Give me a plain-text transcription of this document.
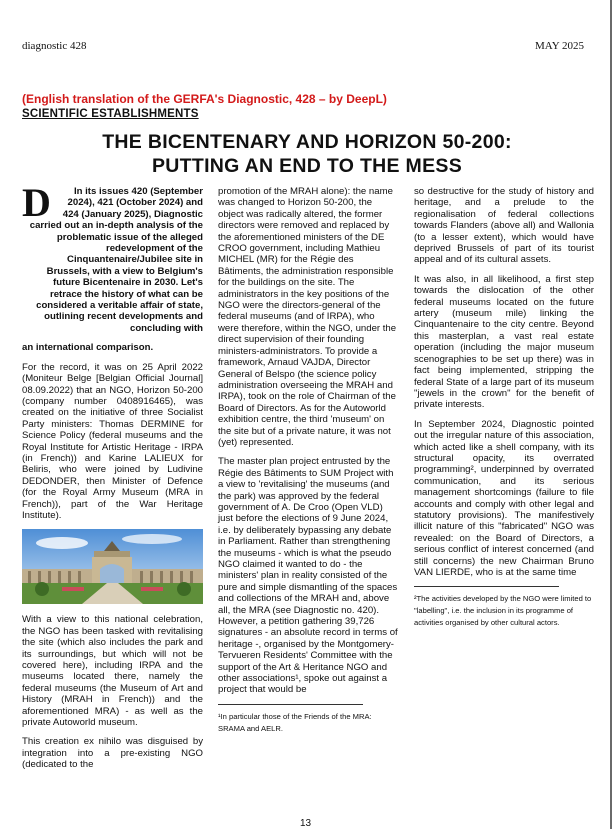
diagnostic 428	MAY 2025
(English translation of the GERFA's Diagnostic, 428 – by DeepL)
SCIENTIFIC ESTABLISHMENTS
THE BICENTENARY AND HORIZON 50-200:
PUTTING AN END TO THE MESS

D In its issues 420 (September 2024), 421 (October 2024) and 424 (January 2025), Diagnostic carried out an in-depth analysis of the problematic issue of the alleged redevelopment of the Cinquantenaire/Jubilee site in Brussels, with a view to Belgium's future Bicentenaire in 2030. Let's retrace the history of what can be considered a veritable affair of state, outlining recent developments and concluding with

an international comparison.

For the record, it was on 25 April 2022 (Moniteur Belge [Belgian Official Journal] 08.09.2022) that an NGO, Horizon 50-200 (company number 0408916465), was created on the initiative of three Socialist Party ministers: Thomas DERMINE for Science Policy (federal museums and the Royal Institute for Artistic Heritage - IRPA (in French)) and Karine LALIEUX for Beliris, who were joined by Ludivine DEDONDER, then Minister of Defence (for the Royal Army Museum (MRA in French)), part of the War Heritage Institute).

With a view to this national celebration, the NGO has been tasked with revitalising the site (which also includes the park and its surroundings, but which will not be covered here), including IRPA and the museums located there, namely the federal museums (the Museum of Art and History (MRAH in French)) and the aforementioned MRA) - as well as the private Autoworld museum.

This creation ex nihilo was disguised by integration into a pre-existing NGO (dedicated to the

promotion of the MRAH alone): the name was changed to Horizon 50-200, the object was radically altered, the former directors were removed and replaced by the aforementioned ministers of the DE CROO government, including Mathieu MICHEL (MR) for the Régie des Bâtiments, the administration responsible for the buildings on the site. The administrators in the key positions of the NGO were the directors-general of the federal museums (and of IRPA), who were therefore, within the NGO, under the direct supervision of their founding ministers-administrators. To provide a framework, Arnaud VAJDA, Director General of Belspo (the science policy administration overseeing the MRAH and IRPA), took on the role of Chairman of the Board of Directors. As for the Autoworld exhibition centre, the third 'museum' on the site but of a private nature, it was not (yet) represented.

The master plan project entrusted by the Régie des Bâtiments to SUM Project with a view to 'revitalising' the museums (and the park) was approved by the federal government of A. De Croo (Open VLD) just before the elections of 9 June 2024, i.e. by deliberately bypassing any debate in Parliament. Rather than strengthening the museums - which is what the pseudo NGO claimed it wanted to do - the ministers' plan in reality consisted of the pure and simple dismantling of the spaces and collections of the MRAH and, above all, the MRA (see Diagnostic no. 420). However, a petition gathering 39,726 signatures - an absolute record in terms of heritage -, organised by the Montgomery-Tervueren Residents' Committee with the support of the Art & Heritance NGO and other associations¹, spoke out against a project that would be

¹In particular those of the Friends of the MRA: SRAMA and AELR.

so destructive for the study of history and heritage, and a prelude to the regionalisation of federal collections towards Flanders (above all) and Wallonia (to a lesser extent), which would have deprived Brussels of part of its tourist appeal and of its cultural assets.

It was also, in all likelihood, a first step towards the dislocation of the other federal museums located on the future artery (museum mile) linking the Cinquantenaire to the city centre. Beyond this masterplan, a vast real estate operation (including the major museum scenographies to be set up there) was in fact being implemented, stripping the federal State of a large part of its museum "jewels in the crown" for the benefit of private interests.

In September 2024, Diagnostic pointed out the irregular nature of this association, which acted like a shell company, with its structural opacity, its overrated programming², underpinned by overrated communication, and its serious management shortcomings (failure to file accounts and comply with other legal and statutory provisions). The manifestively illicit nature of this "fabricated" NGO was revealed: on the Board of Directors, a serious conflict of interest concerned (and still concerns) the new Chairman Bruno VAN LIERDE, who is at the same time

²The activities developed by the NGO were limited to "labelling", i.e. the inclusion in its programme of activities organised by other cultural actors.

13
